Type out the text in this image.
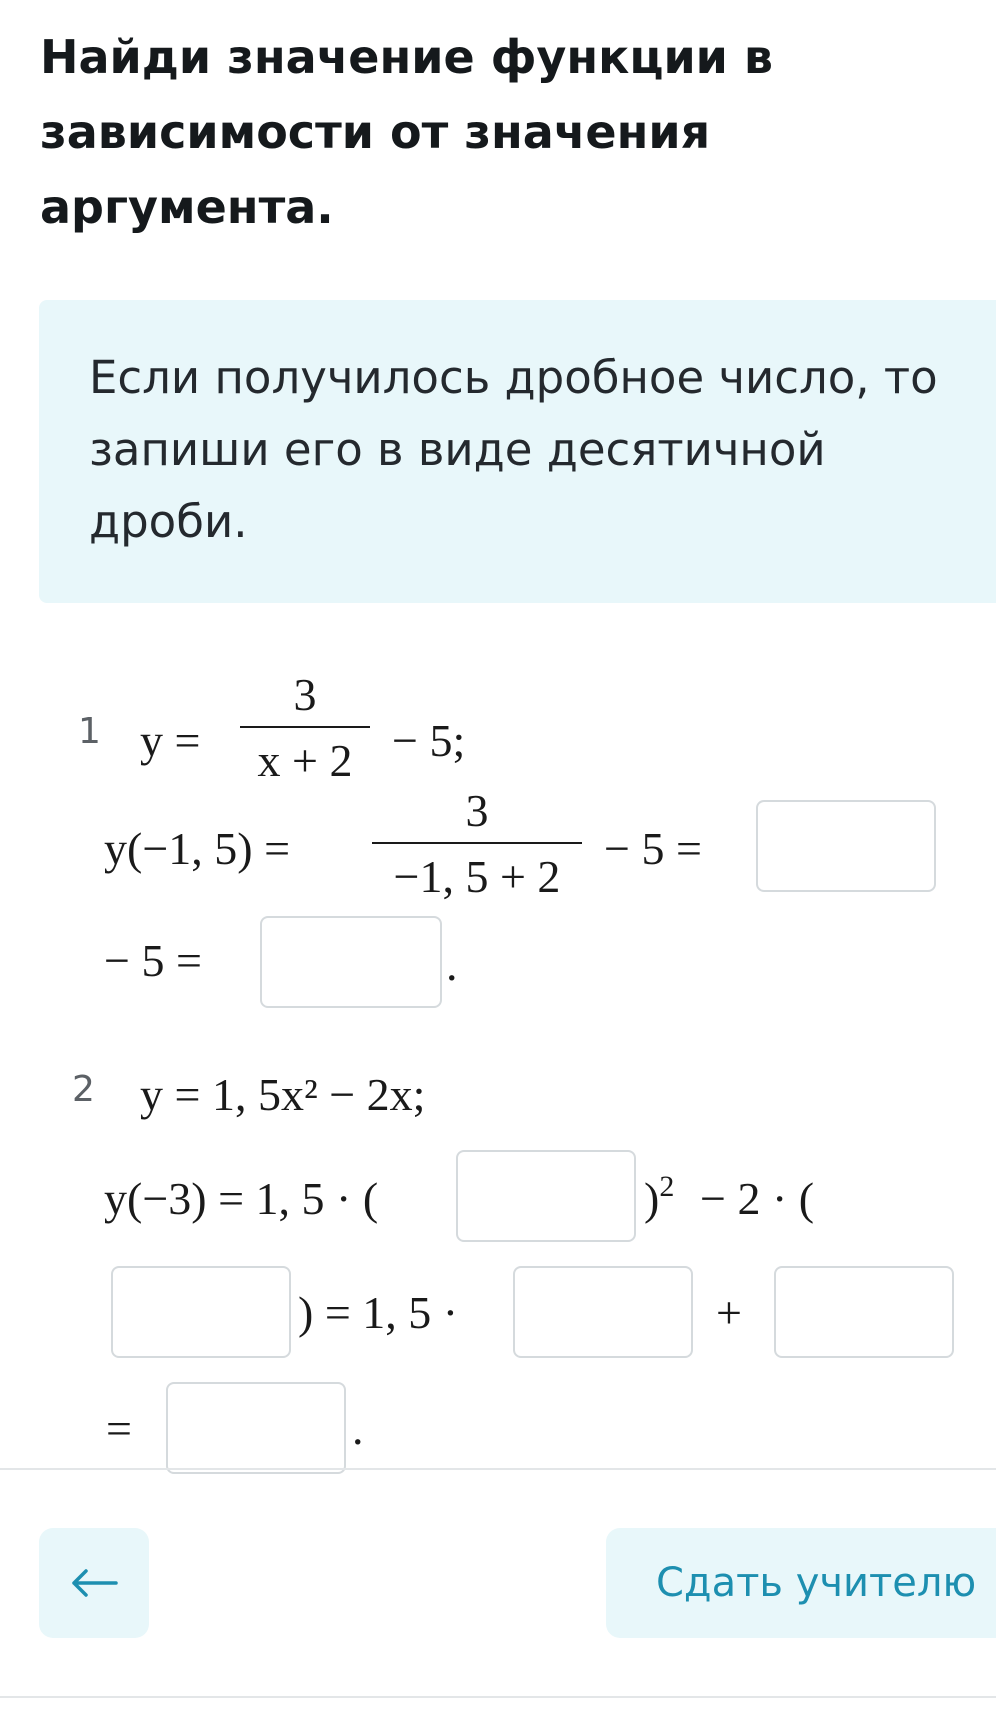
Найди значение функции в зависимости от значения аргумента.
Если получилось дробное число, то запиши его в виде десятичной дроби.
1 y =
3
x + 2 − 5;
y(−1, 5) =
3
−1, 5 + 2
− 5 =
− 5 =	.
2 y = 1, 5x² − 2x;
y(−3) = 1, 5 · (	)$^2$ − 2 · (
) = 1, 5 ·	+
=	.
Сдать учителю
